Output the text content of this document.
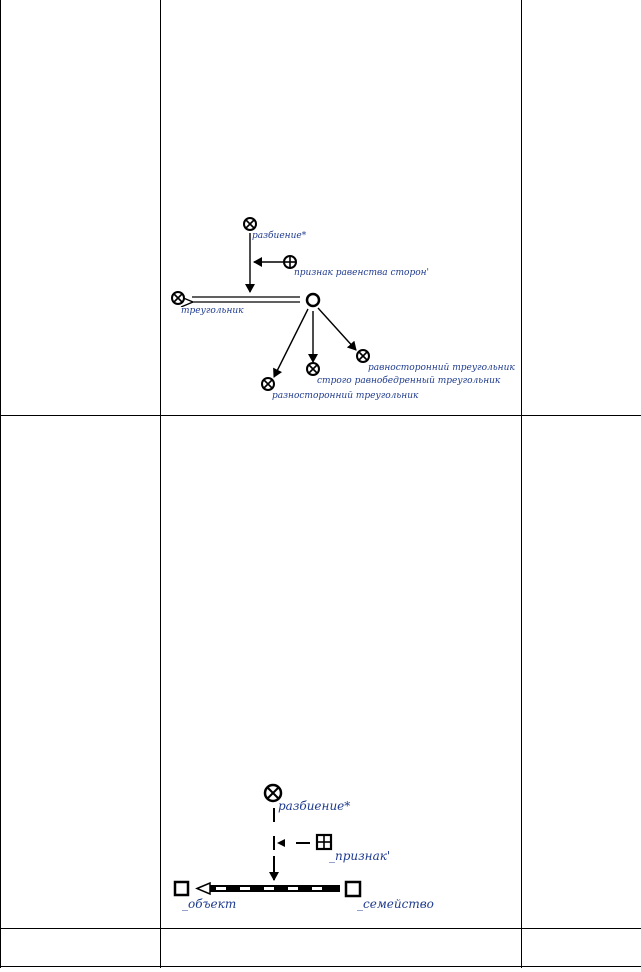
разбиение*
признак равенства сторон'
треугольник
равносторонний треугольник
строго равнобедренный треугольник
разносторонний треугольник
разбиение*
_признак'
_объект	_семейство
